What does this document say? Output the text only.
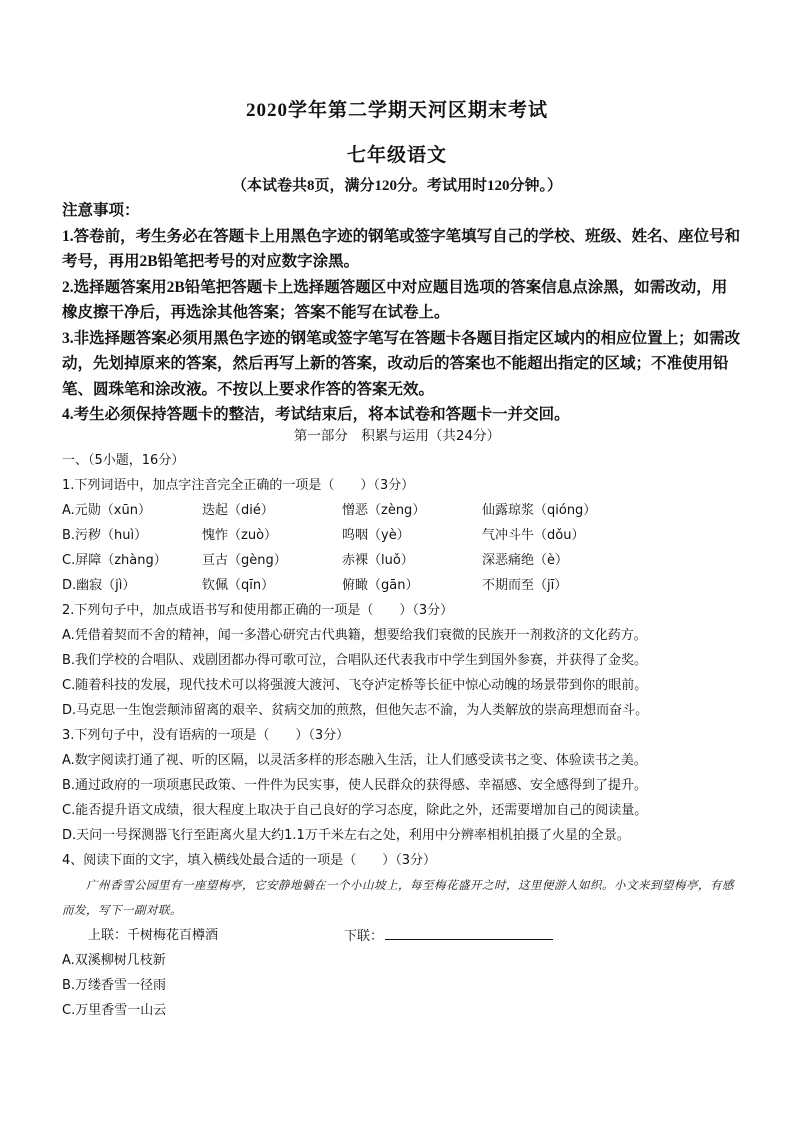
2020学年第二学期天河区期末考试
七年级语文
（本试卷共8页，满分120分。考试用时120分钟。）

注意事项：

1.答卷前，考生务必在答题卡上用黑色字迹的钢笔或签字笔填写自己的学校、班级、姓名、座位号和考号，再用2B铅笔把考号的对应数字涂黑。

2.选择题答案用2B铅笔把答题卡上选择题答题区中对应题目选项的答案信息点涂黑，如需改动，用橡皮擦干净后，再选涂其他答案；答案不能写在试卷上。

3.非选择题答案必须用黑色字迹的钢笔或签字笔写在答题卡各题目指定区域内的相应位置上；如需改动，先划掉原来的答案，然后再写上新的答案，改动后的答案也不能超出指定的区域；不准使用铅笔、圆珠笔和涂改液。不按以上要求作答的答案无效。

4.考生必须保持答题卡的整洁，考试结束后，将本试卷和答题卡一并交回。

第一部分　积累与运用（共24分）

一、（5小题，16分）

1.下列词语中，加点字注音完全正确的一项是（　　）（3分）

A.元勋（xūn）	迭起（dié）	憎恶（zèng）	仙露琼浆（qióng）
B.污秽（huì）	愧怍（zuò）	呜咽（yè）	气冲斗牛（dǒu）
C.屏障（zhàng）	亘古（gèng）	赤裸（luǒ）	深恶痛绝（è）
D.幽寂（jì）	钦佩（qīn）	俯瞰（gān）	不期而至（jī）

2.下列句子中，加点成语书写和使用都正确的一项是（　　）（3分）

A.凭借着契而不舍的精神，闻一多潜心研究古代典籍，想要给我们衰微的民族开一剂救济的文化药方。

B.我们学校的合唱队、戏剧团都办得可歌可泣，合唱队还代表我市中学生到国外参赛，并获得了金奖。

C.随着科技的发展，现代技术可以将强渡大渡河、飞夺泸定桥等长征中惊心动魄的场景带到你的眼前。

D.马克思一生饱尝颠沛留离的艰辛、贫病交加的煎熬，但他矢志不渝，为人类解放的崇高理想而奋斗。

3.下列句子中，没有语病的一项是（　　）（3分）

A.数字阅读打通了视、听的区隔，以灵活多样的形态融入生活，让人们感受读书之变、体验读书之美。

B.通过政府的一项项惠民政策、一件件为民实事，使人民群众的获得感、幸福感、安全感得到了提升。

C.能否提升语文成绩，很大程度上取决于自己良好的学习态度，除此之外，还需要增加自己的阅读量。

D.天问一号探测器飞行至距离火星大约1.1万千米左右之处，利用中分辨率相机拍摄了火星的全景。

4、阅读下面的文字，填入横线处最合适的一项是（　　）（3分）

广州香雪公园里有一座望梅亭，它安静地躺在一个小山坡上，每至梅花盛开之时，这里便游人如织。小文来到望梅亭，有感而发，写下一副对联。

上联：千树梅花百樽酒	下联：

A.双溪柳树几枝新

B.万缕香雪一径雨

C.万里香雪一山云
